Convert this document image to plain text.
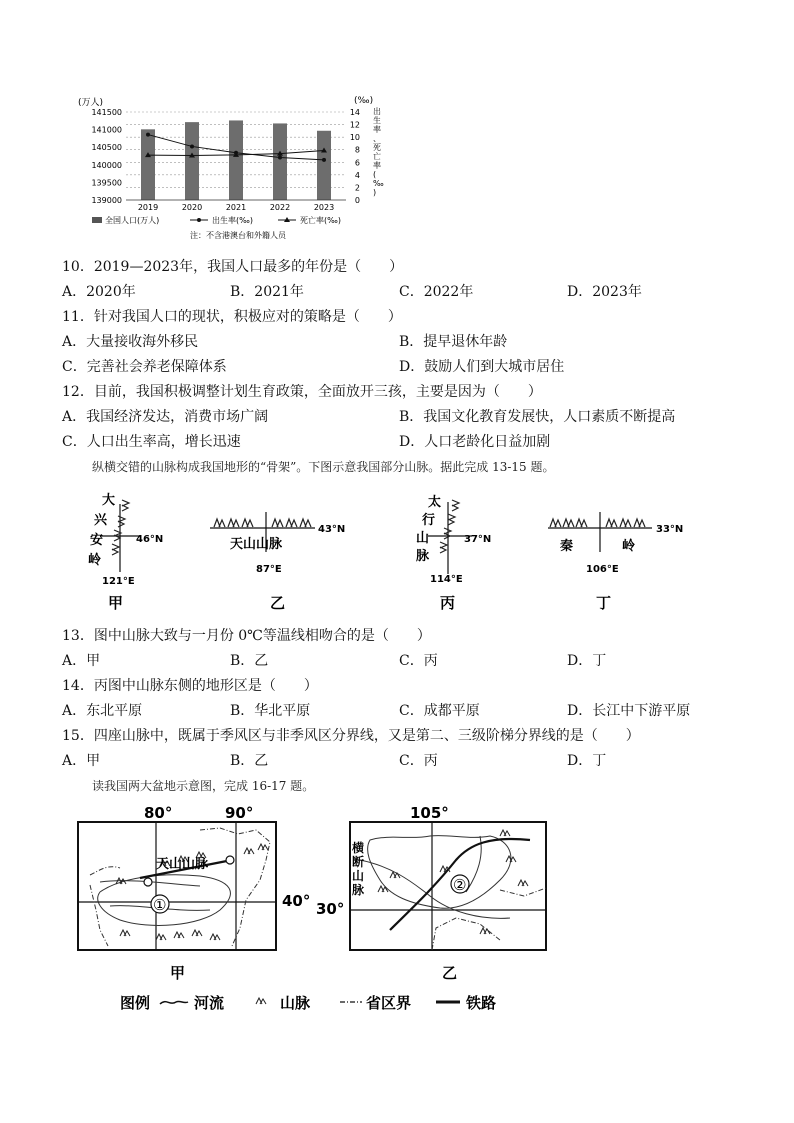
(万人)	(‰)
出
生
率
、
死
亡
率
(
‰
)
139000
139500
140000
140500
141000
141500
0
2
4
6
8
10
12
14
2019	2020	2021	2022	2023
全国人口(万人)	出生率(‰)	死亡率(‰)
注：不含港澳台和外籍人员
10．2019—2023年，我国人口最多的年份是（　　）
A．2020年	B．2021年	C．2022年	D．2023年
11．针对我国人口的现状，积极应对的策略是（　　）
A．大量接收海外移民	B．提早退休年龄
C．完善社会养老保障体系	D．鼓励人们到大城市居住
12．目前，我国积极调整计划生育政策，全面放开三孩，主要是因为（　　）
A．我国经济发达，消费市场广阔	B．我国文化教育发展快，人口素质不断提高
C．人口出生率高，增长迅速	D．人口老龄化日益加剧
纵横交错的山脉构成我国地形的“骨架”。下图示意我国部分山脉。据此完成 13-15 题。
大
兴
安
岭
46°N
121°E
甲
43°N
天山山脉
87°E
乙
太
行
山
脉
37°N
114°E
丙
33°N
秦	岭
106°E
丁
13．图中山脉大致与一月份 0℃等温线相吻合的是（　　）
A．甲	B．乙	C．丙	D．丁
14．丙图中山脉东侧的地形区是（　　）
A．东北平原	B．华北平原	C．成都平原	D．长江中下游平原
15．四座山脉中，既属于季风区与非季风区分界线，又是第二、三级阶梯分界线的是（　　）
A．甲	B．乙	C．丙	D．丁
读我国两大盆地示意图，完成 16-17 题。
80°	90°
40°
天山山脉
①
甲
105°
30°
横
断
山
脉	②
乙
图例	河流	山脉	省区界	铁路
